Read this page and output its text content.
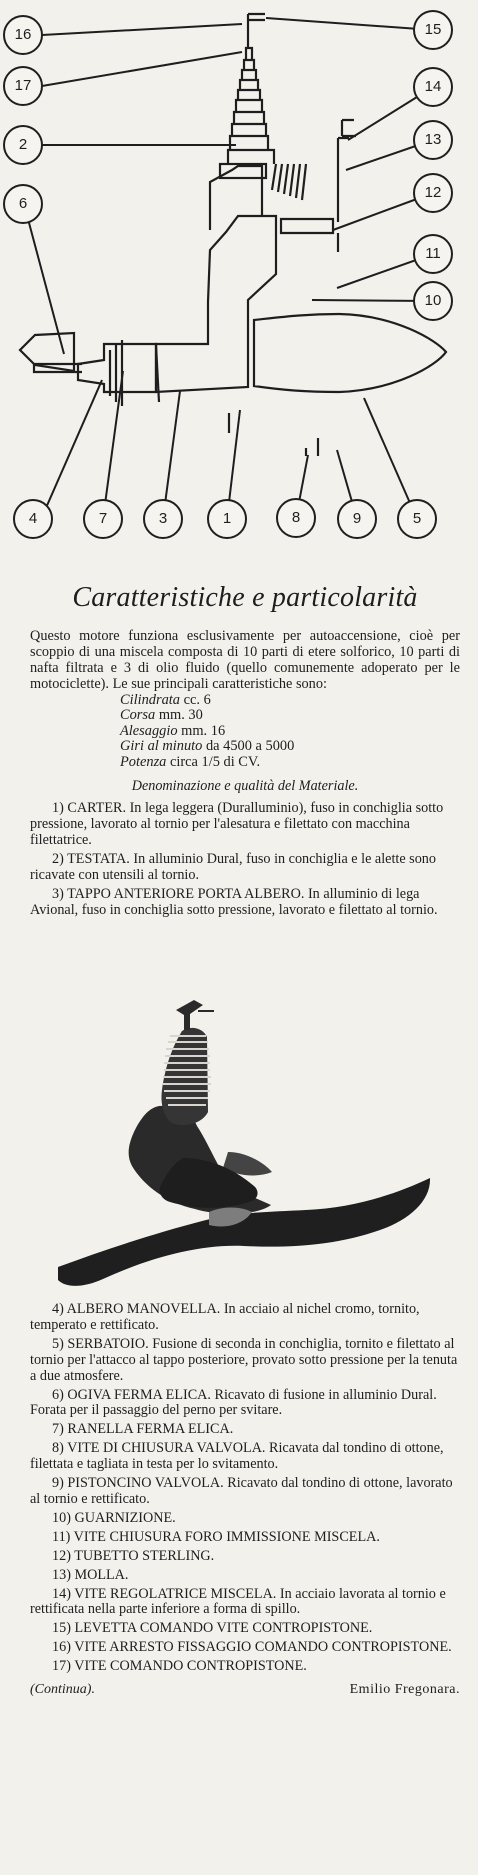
16	15
17	14
2	13
6
12
11
10
4	7	3	1	8	9	5
Caratteristiche e particolarità

Questo motore funziona esclusivamente per autoaccensione, cioè per scoppio di una miscela composta di 10 parti di etere solforico, 10 parti di nafta filtrata e 3 di olio fluido (quello comunemente adoperato per le motociclette). Le sue principali caratteristiche sono:

Cilindrata cc. 6
Corsa mm. 30
Alesaggio mm. 16
Giri al minuto da 4500 a 5000
Potenza circa 1/5 di CV.
Denominazione e qualità del Materiale.

1) CARTER. In lega leggera (Duralluminio), fuso in conchiglia sotto pressione, lavorato al tornio per l'alesatura e filettato con macchina filettatrice.

2) TESTATA. In alluminio Dural, fuso in conchiglia e le alette sono ricavate con utensili al tornio.

3) TAPPO ANTERIORE PORTA ALBERO. In alluminio di lega Avional, fuso in conchiglia sotto pressione, lavorato e filettato al tornio.

4) ALBERO MANOVELLA. In acciaio al nichel cromo, tornito, temperato e rettificato.

5) SERBATOIO. Fusione di seconda in conchiglia, tornito e filettato al tornio per l'attacco al tappo posteriore, provato sotto pressione per la tenuta a due atmosfere.

6) OGIVA FERMA ELICA. Ricavato di fusione in alluminio Dural. Forata per il passaggio del perno per svitare.

7) RANELLA FERMA ELICA.

8) VITE DI CHIUSURA VALVOLA. Ricavata dal tondino di ottone, filettata e tagliata in testa per lo svitamento.

9) PISTONCINO VALVOLA. Ricavato dal tondino di ottone, lavorato al tornio e rettificato.

10) GUARNIZIONE.

11) VITE CHIUSURA FORO IMMISSIONE MISCELA.

12) TUBETTO STERLING.

13) MOLLA.

14) VITE REGOLATRICE MISCELA. In acciaio lavorata al tornio e rettificata nella parte inferiore a forma di spillo.

15) LEVETTA COMANDO VITE CONTROPISTONE.

16) VITE ARRESTO FISSAGGIO COMANDO CONTROPISTONE.

17) VITE COMANDO CONTROPISTONE.

(Continua).	Emilio Fregonara.
